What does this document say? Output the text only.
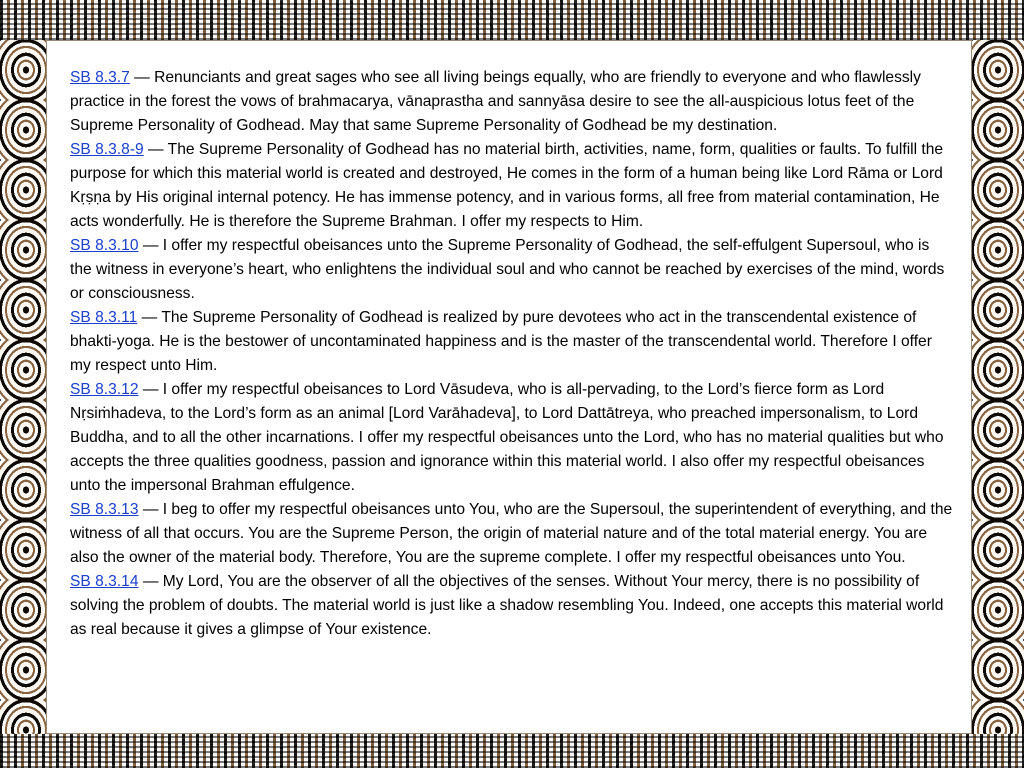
SB 8.3.7 — Renunciants and great sages who see all living beings equally, who are friendly to everyone and who flawlessly practice in the forest the vows of brahmacarya, vānaprastha and sannyāsa desire to see the all-auspicious lotus feet of the Supreme Personality of Godhead. May that same Supreme Personality of Godhead be my destination.

SB 8.3.8-9 — The Supreme Personality of Godhead has no material birth, activities, name, form, qualities or faults. To fulfill the purpose for which this material world is created and destroyed, He comes in the form of a human being like Lord Rāma or Lord Kṛṣṇa by His original internal potency. He has immense potency, and in various forms, all free from material contamination, He acts wonderfully. He is therefore the Supreme Brahman. I offer my respects to Him.

SB 8.3.10 — I offer my respectful obeisances unto the Supreme Personality of Godhead, the self-effulgent Supersoul, who is the witness in everyone’s heart, who enlightens the individual soul and who cannot be reached by exercises of the mind, words or consciousness.

SB 8.3.11 — The Supreme Personality of Godhead is realized by pure devotees who act in the transcendental existence of bhakti-yoga. He is the bestower of uncontaminated happiness and is the master of the transcendental world. Therefore I offer my respect unto Him.

SB 8.3.12 — I offer my respectful obeisances to Lord Vāsudeva, who is all-pervading, to the Lord’s fierce form as Lord Nṛsiṁhadeva, to the Lord’s form as an animal [Lord Varāhadeva], to Lord Dattātreya, who preached impersonalism, to Lord Buddha, and to all the other incarnations. I offer my respectful obeisances unto the Lord, who has no material qualities but who accepts the three qualities goodness, passion and ignorance within this material world. I also offer my respectful obeisances unto the impersonal Brahman effulgence.

SB 8.3.13 — I beg to offer my respectful obeisances unto You, who are the Supersoul, the superintendent of everything, and the witness of all that occurs. You are the Supreme Person, the origin of material nature and of the total material energy. You are also the owner of the material body. Therefore, You are the supreme complete. I offer my respectful obeisances unto You.

SB 8.3.14 — My Lord, You are the observer of all the objectives of the senses. Without Your mercy, there is no possibility of solving the problem of doubts. The material world is just like a shadow resembling You. Indeed, one accepts this material world as real because it gives a glimpse of Your existence.
